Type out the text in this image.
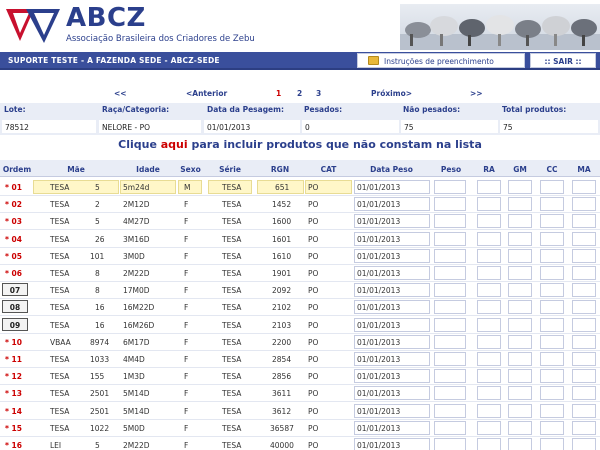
ABCZ
Associação Brasileira dos Criadores de Zebu
SUPORTE TESTE - A FAZENDA SEDE - ABCZ-SEDE	Instruções de preenchimento	:: SAIR ::
<<	<Anterior	1 2 3	Próximo>	>>
Lote:	Raça/Categoria:	Data da Pesagem:	Pesados:	Não pesados:	Total produtos:
78512	NELORE - PO	01/01/2013	0	75	75
Clique aqui para incluir produtos que não constam na lista
Ordem	Mãe	Idade	Sexo	Série	RGN	CAT	Data Peso	Peso	RA	GM	CC	MA
* 01	TESA	5	5m24d	M	TESA	651 PO	01/01/2013
* 02	TESA	2	2M12D	F	TESA	1452 PO	01/01/2013
* 03	TESA	5	4M27D	F	TESA	1600 PO	01/01/2013
* 04	TESA	26 3M16D	F	TESA	1601 PO	01/01/2013
* 05	TESA	101 3M0D	F	TESA	1610 PO	01/01/2013
* 06	TESA	8	2M22D	F	TESA	1901 PO	01/01/2013
07	TESA	8	17M0D	F	TESA	2092 PO	01/01/2013
08	TESA	16 16M22D	F	TESA	2102 PO	01/01/2013
09	TESA	16 16M26D	F	TESA	2103 PO	01/01/2013
* 10	VBAA	8974 6M17D	F	TESA	2200 PO	01/01/2013
* 11	TESA	1033 4M4D	F	TESA	2854 PO	01/01/2013
* 12	TESA	155 1M3D	F	TESA	2856 PO	01/01/2013
* 13	TESA	2501 5M14D	F	TESA	3611 PO	01/01/2013
* 14	TESA	2501 5M14D	F	TESA	3612 PO	01/01/2013
* 15	TESA	1022 5M0D	F	TESA	36587 PO	01/01/2013
* 16	LEI	5	2M22D	F	TESA	40000 PO	01/01/2013
